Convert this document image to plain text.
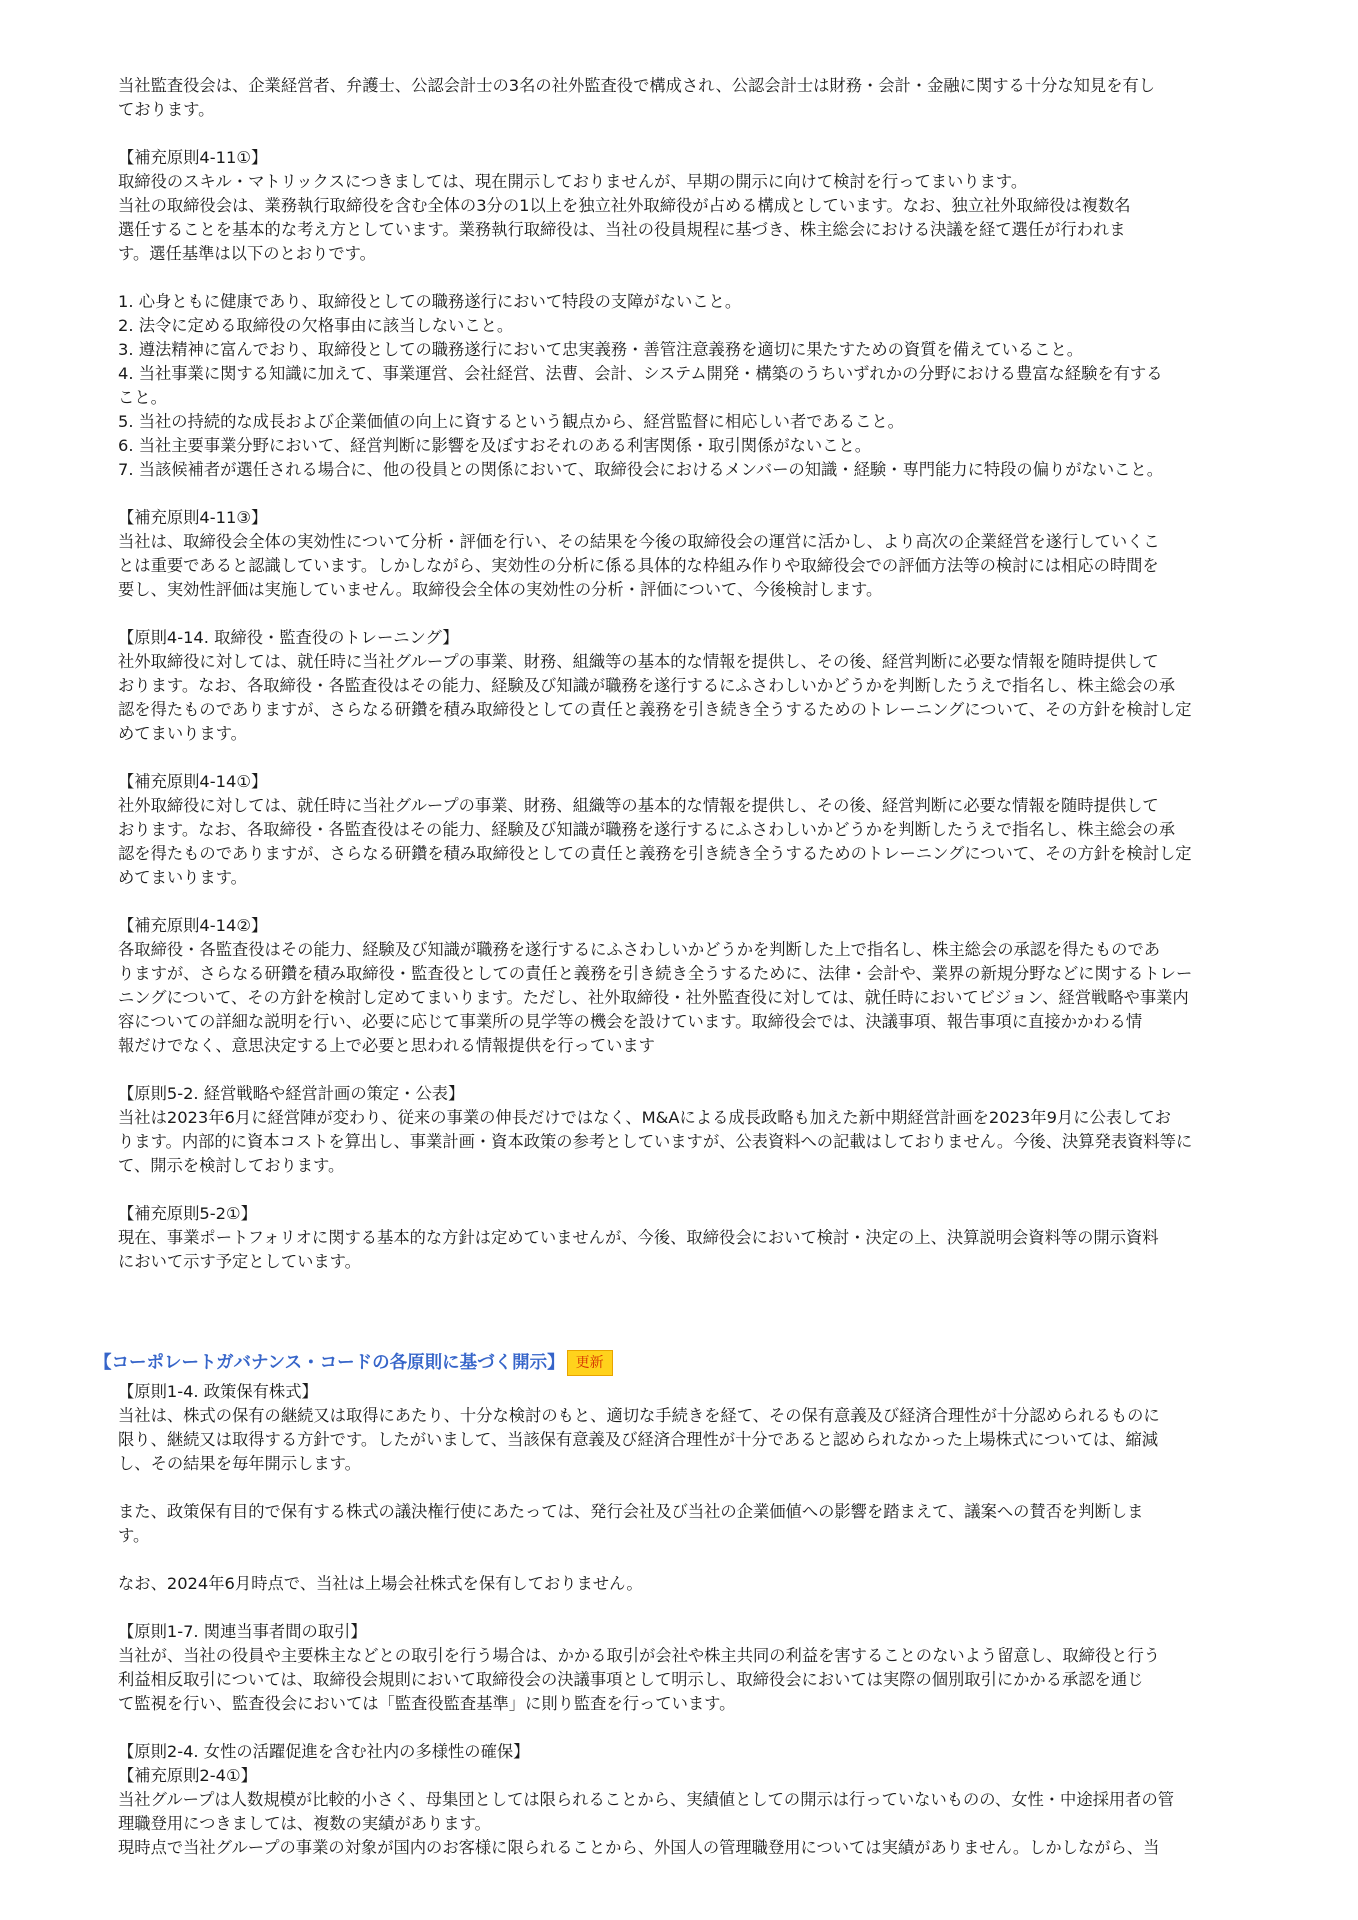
当社監査役会は、企業経営者、弁護士、公認会計士の3名の社外監査役で構成され、公認会計士は財務・会計・金融に関する十分な知見を有し
ております。
【補充原則4-11①】
取締役のスキル・マトリックスにつきましては、現在開示しておりませんが、早期の開示に向けて検討を行ってまいります。
当社の取締役会は、業務執行取締役を含む全体の3分の1以上を独立社外取締役が占める構成としています。なお、独立社外取締役は複数名
選任することを基本的な考え方としています。業務執行取締役は、当社の役員規程に基づき、株主総会における決議を経て選任が行われま
す。選任基準は以下のとおりです。
1. 心身ともに健康であり、取締役としての職務遂行において特段の支障がないこと。
2. 法令に定める取締役の欠格事由に該当しないこと。
3. 遵法精神に富んでおり、取締役としての職務遂行において忠実義務・善管注意義務を適切に果たすための資質を備えていること。
4. 当社事業に関する知識に加えて、事業運営、会社経営、法曹、会計、システム開発・構築のうちいずれかの分野における豊富な経験を有する
こと。
5. 当社の持続的な成長および企業価値の向上に資するという観点から、経営監督に相応しい者であること。
6. 当社主要事業分野において、経営判断に影響を及ぼすおそれのある利害関係・取引関係がないこと。
7. 当該候補者が選任される場合に、他の役員との関係において、取締役会におけるメンバーの知識・経験・専門能力に特段の偏りがないこと。
【補充原則4-11③】
当社は、取締役会全体の実効性について分析・評価を行い、その結果を今後の取締役会の運営に活かし、より高次の企業経営を遂行していくこ
とは重要であると認識しています。しかしながら、実効性の分析に係る具体的な枠組み作りや取締役会での評価方法等の検討には相応の時間を
要し、実効性評価は実施していません。取締役会全体の実効性の分析・評価について、今後検討します。
【原則4-14. 取締役・監査役のトレーニング】
社外取締役に対しては、就任時に当社グループの事業、財務、組織等の基本的な情報を提供し、その後、経営判断に必要な情報を随時提供して
おります。なお、各取締役・各監査役はその能力、経験及び知識が職務を遂行するにふさわしいかどうかを判断したうえで指名し、株主総会の承
認を得たものでありますが、さらなる研鑽を積み取締役としての責任と義務を引き続き全うするためのトレーニングについて、その方針を検討し定
めてまいります。
【補充原則4-14①】
社外取締役に対しては、就任時に当社グループの事業、財務、組織等の基本的な情報を提供し、その後、経営判断に必要な情報を随時提供して
おります。なお、各取締役・各監査役はその能力、経験及び知識が職務を遂行するにふさわしいかどうかを判断したうえで指名し、株主総会の承
認を得たものでありますが、さらなる研鑽を積み取締役としての責任と義務を引き続き全うするためのトレーニングについて、その方針を検討し定
めてまいります。
【補充原則4-14②】
各取締役・各監査役はその能力、経験及び知識が職務を遂行するにふさわしいかどうかを判断した上で指名し、株主総会の承認を得たものであ
りますが、さらなる研鑽を積み取締役・監査役としての責任と義務を引き続き全うするために、法律・会計や、業界の新規分野などに関するトレー
ニングについて、その方針を検討し定めてまいります。ただし、社外取締役・社外監査役に対しては、就任時においてビジョン、経営戦略や事業内
容についての詳細な説明を行い、必要に応じて事業所の見学等の機会を設けています。取締役会では、決議事項、報告事項に直接かかわる情
報だけでなく、意思決定する上で必要と思われる情報提供を行っています
【原則5-2. 経営戦略や経営計画の策定・公表】
当社は2023年6月に経営陣が変わり、従来の事業の伸長だけではなく、M&Aによる成長政略も加えた新中期経営計画を2023年9月に公表してお
ります。内部的に資本コストを算出し、事業計画・資本政策の参考としていますが、公表資料への記載はしておりません。今後、決算発表資料等に
て、開示を検討しております。
【補充原則5-2①】
現在、事業ポートフォリオに関する基本的な方針は定めていませんが、今後、取締役会において検討・決定の上、決算説明会資料等の開示資料
において示す予定としています。
【コーポレートガバナンス・コードの各原則に基づく開示】 更新
【原則1-4. 政策保有株式】
当社は、株式の保有の継続又は取得にあたり、十分な検討のもと、適切な手続きを経て、その保有意義及び経済合理性が十分認められるものに
限り、継続又は取得する方針です。したがいまして、当該保有意義及び経済合理性が十分であると認められなかった上場株式については、縮減
し、その結果を毎年開示します。
また、政策保有目的で保有する株式の議決権行使にあたっては、発行会社及び当社の企業価値への影響を踏まえて、議案への賛否を判断しま
す。
なお、2024年6月時点で、当社は上場会社株式を保有しておりません。
【原則1-7. 関連当事者間の取引】
当社が、当社の役員や主要株主などとの取引を行う場合は、かかる取引が会社や株主共同の利益を害することのないよう留意し、取締役と行う
利益相反取引については、取締役会規則において取締役会の決議事項として明示し、取締役会においては実際の個別取引にかかる承認を通じ
て監視を行い、監査役会においては「監査役監査基準」に則り監査を行っています。
【原則2-4. 女性の活躍促進を含む社内の多様性の確保】
【補充原則2-4①】
当社グループは人数規模が比較的小さく、母集団としては限られることから、実績値としての開示は行っていないものの、女性・中途採用者の管
理職登用につきましては、複数の実績があります。
現時点で当社グループの事業の対象が国内のお客様に限られることから、外国人の管理職登用については実績がありません。しかしながら、当
